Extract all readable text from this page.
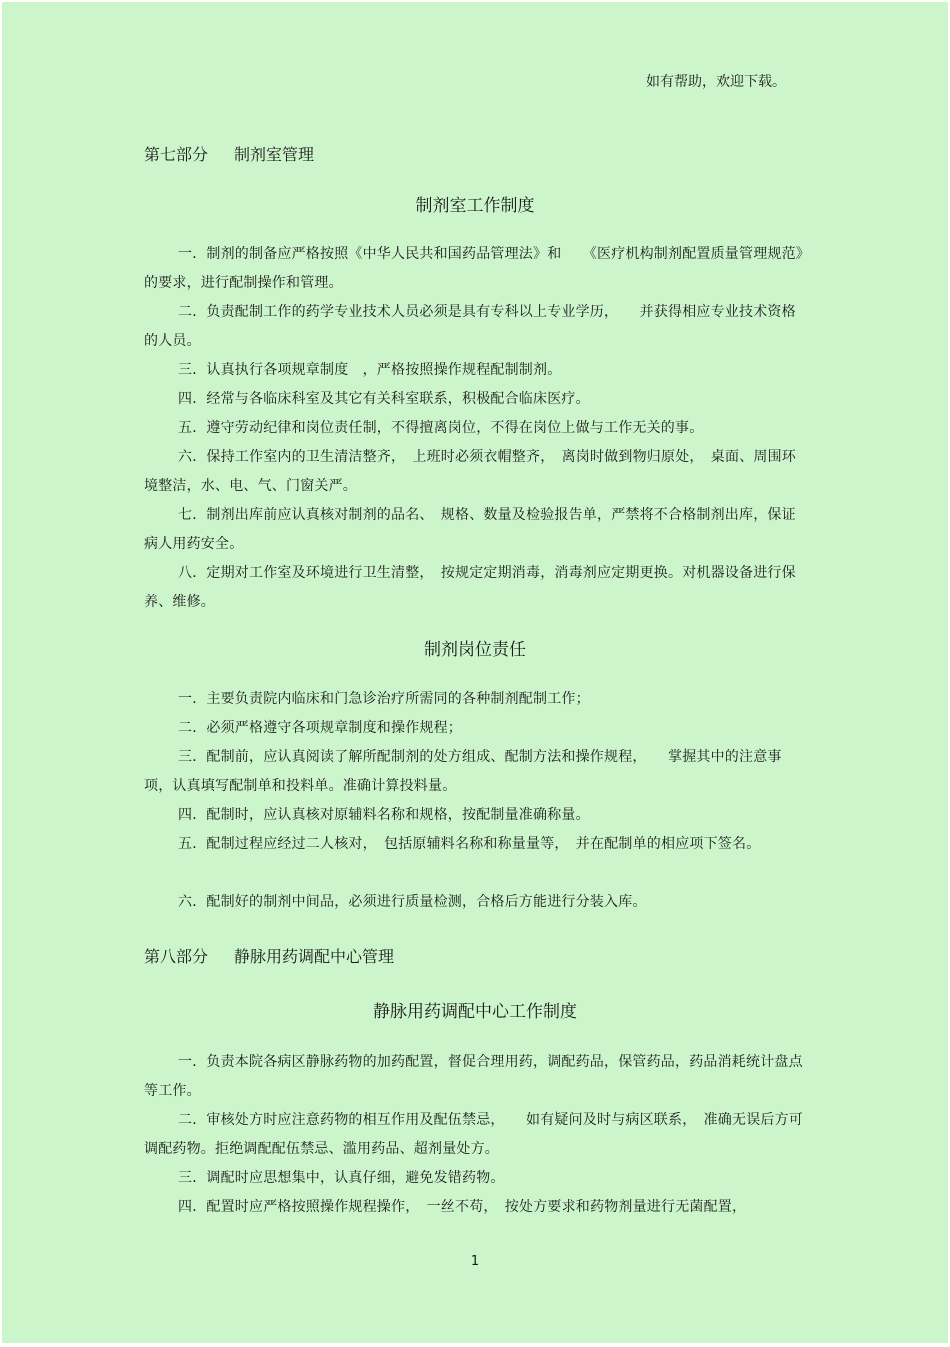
如有帮助，欢迎下载。
第七部分 制剂室管理
制剂室工作制度
一．制剂的制备应严格按照《中华人民共和国药品管理法》和　　《医疗机构制剂配置质量管理规范》的要求，进行配制操作和管理。
二．负责配制工作的药学专业技术人员必须是具有专科以上专业学历，　　并获得相应专业技术资格的人员。
三．认真执行各项规章制度　，严格按照操作规程配制制剂。
四．经常与各临床科室及其它有关科室联系，积极配合临床医疗。
五．遵守劳动纪律和岗位责任制，不得擅离岗位，不得在岗位上做与工作无关的事。
六．保持工作室内的卫生清洁整齐，　上班时必须衣帽整齐，　离岗时做到物归原处，　桌面、周围环境整洁，水、电、气、门窗关严。
七．制剂出库前应认真核对制剂的品名、　规格、数量及检验报告单，严禁将不合格制剂出库，保证病人用药安全。
八．定期对工作室及环境进行卫生清整，　按规定定期消毒，消毒剂应定期更换。对机器设备进行保养、维修。
制剂岗位责任
一．主要负责院内临床和门急诊治疗所需同的各种制剂配制工作；
二．必须严格遵守各项规章制度和操作规程；
三．配制前，应认真阅读了解所配制剂的处方组成、配制方法和操作规程，　　掌握其中的注意事项，认真填写配制单和投料单。准确计算投料量。
四．配制时，应认真核对原辅料名称和规格，按配制量准确称量。
五．配制过程应经过二人核对，　包括原辅料名称和称量量等，　并在配制单的相应项下签名。
六．配制好的制剂中间品，必须进行质量检测，合格后方能进行分装入库。
第八部分 静脉用药调配中心管理
静脉用药调配中心工作制度
一．负责本院各病区静脉药物的加药配置，督促合理用药，调配药品，保管药品，药品消耗统计盘点等工作。
二．审核处方时应注意药物的相互作用及配伍禁忌，　　如有疑问及时与病区联系，　准确无误后方可调配药物。拒绝调配配伍禁忌、滥用药品、超剂量处方。
三．调配时应思想集中，认真仔细，避免发错药物。
四．配置时应严格按照操作规程操作，　一丝不苟，　按处方要求和药物剂量进行无菌配置，
1
